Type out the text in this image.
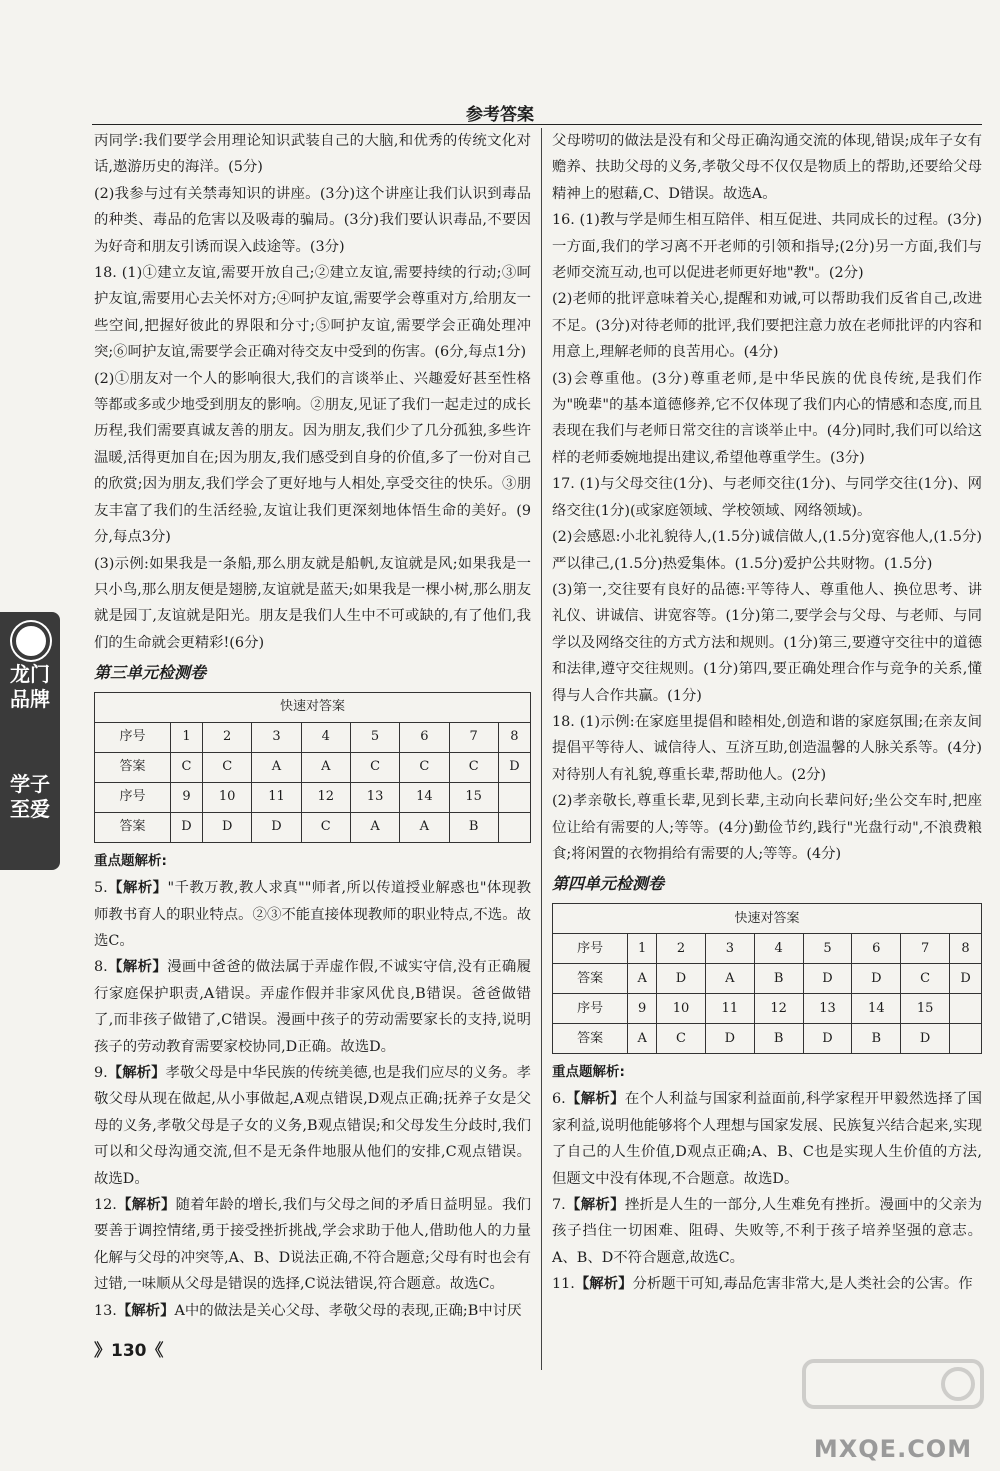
参考答案

丙同学:我们要学会用理论知识武装自己的大脑,和优秀的传统文化对话,遨游历史的海洋。(5分)

(2)我参与过有关禁毒知识的讲座。(3分)这个讲座让我们认识到毒品的种类、毒品的危害以及吸毒的骗局。(3分)我们要认识毒品,不要因为好奇和朋友引诱而误入歧途等。(3分)

18. (1)①建立友谊,需要开放自己;②建立友谊,需要持续的行动;③呵护友谊,需要用心去关怀对方;④呵护友谊,需要学会尊重对方,给朋友一些空间,把握好彼此的界限和分寸;⑤呵护友谊,需要学会正确处理冲突;⑥呵护友谊,需要学会正确对待交友中受到的伤害。(6分,每点1分)

(2)①朋友对一个人的影响很大,我们的言谈举止、兴趣爱好甚至性格等都或多或少地受到朋友的影响。②朋友,见证了我们一起走过的成长历程,我们需要真诚友善的朋友。因为朋友,我们少了几分孤独,多些许温暖,活得更加自在;因为朋友,我们感受到自身的价值,多了一份对自己的欣赏;因为朋友,我们学会了更好地与人相处,享受交往的快乐。③朋友丰富了我们的生活经验,友谊让我们更深刻地体悟生命的美好。(9分,每点3分)

(3)示例:如果我是一条船,那么朋友就是船帆,友谊就是风;如果我是一只小鸟,那么朋友便是翅膀,友谊就是蓝天;如果我是一棵小树,那么朋友就是园丁,友谊就是阳光。朋友是我们人生中不可或缺的,有了他们,我们的生命就会更精彩!(6分)

第三单元检测卷
快速对答案								
序号	1	2	3	4	5	6	7	8
答案	C	C	A	A	C	C	C	D
序号	9	10	11	12	13	14	15	
答案	D	D	D	C	A	A	B	
重点题解析:

5.【解析】"千教万教,教人求真""师者,所以传道授业解惑也"体现教师教书育人的职业特点。②③不能直接体现教师的职业特点,不选。故选C。

8.【解析】漫画中爸爸的做法属于弄虚作假,不诚实守信,没有正确履行家庭保护职责,A错误。弄虚作假并非家风优良,B错误。爸爸做错了,而非孩子做错了,C错误。漫画中孩子的劳动需要家长的支持,说明孩子的劳动教育需要家校协同,D正确。故选D。

9.【解析】孝敬父母是中华民族的传统美德,也是我们应尽的义务。孝敬父母从现在做起,从小事做起,A观点错误,D观点正确;抚养子女是父母的义务,孝敬父母是子女的义务,B观点错误;和父母发生分歧时,我们可以和父母沟通交流,但不是无条件地服从他们的安排,C观点错误。故选D。

12.【解析】随着年龄的增长,我们与父母之间的矛盾日益明显。我们要善于调控情绪,勇于接受挫折挑战,学会求助于他人,借助他人的力量化解与父母的冲突等,A、B、D说法正确,不符合题意;父母有时也会有过错,一味顺从父母是错误的选择,C说法错误,符合题意。故选C。

13.【解析】A中的做法是关心父母、孝敬父母的表现,正确;B中讨厌

父母唠叨的做法是没有和父母正确沟通交流的体现,错误;成年子女有赡养、扶助父母的义务,孝敬父母不仅仅是物质上的帮助,还要给父母精神上的慰藉,C、D错误。故选A。

16. (1)教与学是师生相互陪伴、相互促进、共同成长的过程。(3分)一方面,我们的学习离不开老师的引领和指导;(2分)另一方面,我们与老师交流互动,也可以促进老师更好地"教"。(2分)

(2)老师的批评意味着关心,提醒和劝诫,可以帮助我们反省自己,改进不足。(3分)对待老师的批评,我们要把注意力放在老师批评的内容和用意上,理解老师的良苦用心。(4分)

(3)会尊重他。(3分)尊重老师,是中华民族的优良传统,是我们作为"晚辈"的基本道德修养,它不仅体现了我们内心的情感和态度,而且表现在我们与老师日常交往的言谈举止中。(4分)同时,我们可以给这样的老师委婉地提出建议,希望他尊重学生。(3分)

17. (1)与父母交往(1分)、与老师交往(1分)、与同学交往(1分)、网络交往(1分)(或家庭领域、学校领域、网络领域)。

(2)会感恩:小北礼貌待人,(1.5分)诚信做人,(1.5分)宽容他人,(1.5分)严以律己,(1.5分)热爱集体。(1.5分)爱护公共财物。(1.5分)

(3)第一,交往要有良好的品德:平等待人、尊重他人、换位思考、讲礼仪、讲诚信、讲宽容等。(1分)第二,要学会与父母、与老师、与同学以及网络交往的方式方法和规则。(1分)第三,要遵守交往中的道德和法律,遵守交往规则。(1分)第四,要正确处理合作与竞争的关系,懂得与人合作共赢。(1分)

18. (1)示例:在家庭里提倡和睦相处,创造和谐的家庭氛围;在亲友间提倡平等待人、诚信待人、互济互助,创造温馨的人脉关系等。(4分)对待别人有礼貌,尊重长辈,帮助他人。(2分)

(2)孝亲敬长,尊重长辈,见到长辈,主动向长辈问好;坐公交车时,把座位让给有需要的人;等等。(4分)勤俭节约,践行"光盘行动",不浪费粮食;将闲置的衣物捐给有需要的人;等等。(4分)

第四单元检测卷
快速对答案								
序号	1	2	3	4	5	6	7	8
答案	A	D	A	B	D	D	C	D
序号	9	10	11	12	13	14	15	
答案	A	C	D	B	D	B	D	
重点题解析:

6.【解析】在个人利益与国家利益面前,科学家程开甲毅然选择了国家利益,说明他能够将个人理想与国家发展、民族复兴结合起来,实现了自己的人生价值,D观点正确;A、B、C也是实现人生价值的方法,但题文中没有体现,不合题意。故选D。

7.【解析】挫折是人生的一部分,人生难免有挫折。漫画中的父亲为孩子挡住一切困难、阻碍、失败等,不利于孩子培养坚强的意志。A、B、D不符合题意,故选C。

11.【解析】分析题干可知,毒品危害非常大,是人类社会的公害。作

龙门品牌
学子至爱
》130《
MXQE.COM
